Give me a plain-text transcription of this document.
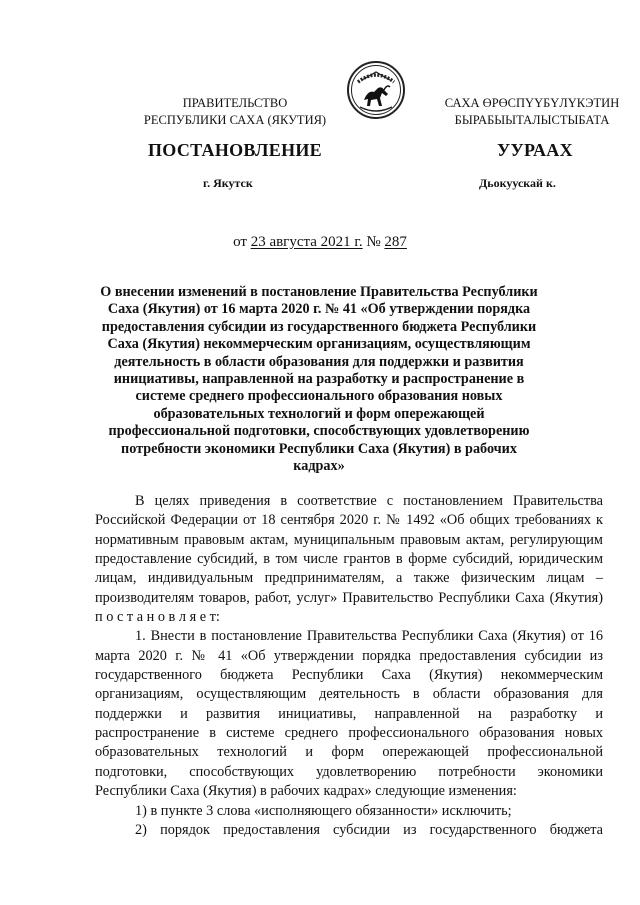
ПРАВИТЕЛЬСТВО
РЕСПУБЛИКИ САХА (ЯКУТИЯ)
САХА ӨРӨСПҮҮБҮЛҮКЭТИН
БЫРАБЫЫТАЛЫСТЫБАТА
ПОСТАНОВЛЕНИЕ	УУРААХ
г. Якутск	Дьокуускай к.
от 23 августа 2021 г. № 287
О внесении изменений в постановление Правительства Республики Саха (Якутия) от 16 марта 2020 г. № 41 «Об утверждении порядка предоставления субсидии из государственного бюджета Республики Саха (Якутия) некоммерческим организациям, осуществляющим деятельность в области образования для поддержки и развития инициативы, направленной на разработку и распространение в системе среднего профессионального образования новых образовательных технологий и форм опережающей профессиональной подготовки, способствующих удовлетворению потребности экономики Республики Саха (Якутия) в рабочих кадрах»

В целях приведения в соответствие с постановлением Правительства Российской Федерации от 18 сентября 2020 г. № 1492 «Об общих требованиях к нормативным правовым актам, муниципальным правовым актам, регулирующим предоставление субсидий, в том числе грантов в форме субсидий, юридическим лицам, индивидуальным предпринимателям, а также физическим лицам – производителям товаров, работ, услуг» Правительство Республики Саха (Якутия) п о с т а н о в л я е т:

1. Внести в постановление Правительства Республики Саха (Якутия) от 16 марта 2020 г. № 41 «Об утверждении порядка предоставления субсидии из государственного бюджета Республики Саха (Якутия) некоммерческим организациям, осуществляющим деятельность в области образования для поддержки и развития инициативы, направленной на разработку и распространение в системе среднего профессионального образования новых образовательных технологий и форм опережающей профессиональной подготовки, способствующих удовлетворению потребности экономики Республики Саха (Якутия) в рабочих кадрах» следующие изменения:

1) в пункте 3 слова «исполняющего обязанности» исключить;

2) порядок предоставления субсидии из государственного бюджета
